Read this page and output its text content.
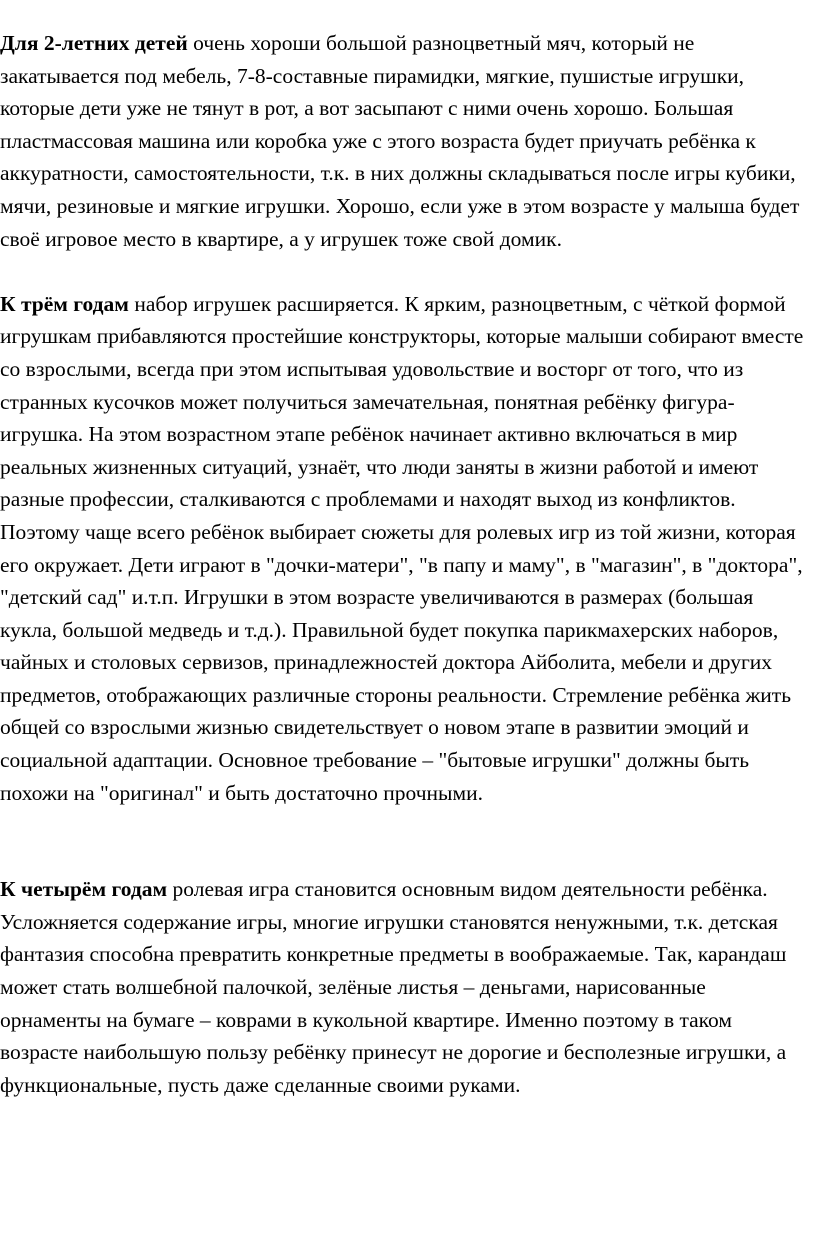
Для 2-летних детей очень хороши большой разноцветный мяч, который не закатывается под мебель, 7-8-составные пирамидки, мягкие, пушистые игрушки, которые дети уже не тянут в рот, а вот засыпают с ними очень хорошо. Большая пластмассовая машина или коробка уже с этого возраста будет приучать ребёнка к аккуратности, самостоятельности, т.к. в них должны складываться после игры кубики, мячи, резиновые и мягкие игрушки. Хорошо, если уже в этом возрасте у малыша будет своё игровое место в квартире, а у игрушек тоже свой домик.

К трём годам набор игрушек расширяется. К ярким, разноцветным, с чёткой формой игрушкам прибавляются простейшие конструкторы, которые малыши собирают вместе со взрослыми, всегда при этом испытывая удовольствие и восторг от того, что из странных кусочков может получиться замечательная, понятная ребёнку фигура-игрушка. На этом возрастном этапе ребёнок начинает активно включаться в мир реальных жизненных ситуаций, узнаёт, что люди заняты в жизни работой и имеют разные профессии, сталкиваются с проблемами и находят выход из конфликтов. Поэтому чаще всего ребёнок выбирает сюжеты для ролевых игр из той жизни, которая его окружает. Дети играют в "дочки-матери", "в папу и маму", в "магазин", в "доктора", "детский сад" и.т.п. Игрушки в этом возрасте увеличиваются в размерах (большая кукла, большой медведь и т.д.). Правильной будет покупка парикмахерских наборов, чайных и столовых сервизов, принадлежностей доктора Айболита, мебели и других предметов, отображающих различные стороны реальности. Стремление ребёнка жить общей со взрослыми жизнью свидетельствует о новом этапе в развитии эмоций и социальной адаптации. Основное требование – "бытовые игрушки" должны быть похожи на "оригинал" и быть достаточно прочными.

К четырём годам ролевая игра становится основным видом деятельности ребёнка. Усложняется содержание игры, многие игрушки становятся ненужными, т.к. детская фантазия способна превратить конкретные предметы в воображаемые. Так, карандаш может стать волшебной палочкой, зелёные листья – деньгами, нарисованные орнаменты на бумаге – коврами в кукольной квартире. Именно поэтому в таком возрасте наибольшую пользу ребёнку принесут не дорогие и бесполезные игрушки, а функциональные, пусть даже сделанные своими руками.
